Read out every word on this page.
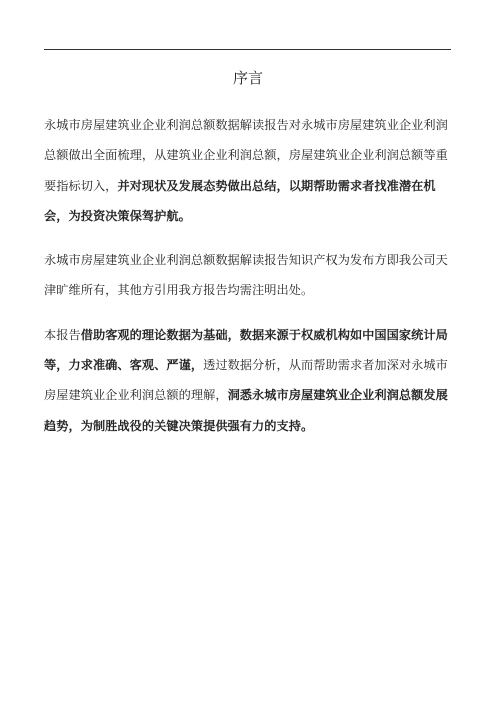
序言

永城市房屋建筑业企业利润总额数据解读报告对永城市房屋建筑业企业利润总额做出全面梳理，从建筑业企业利润总额，房屋建筑业企业利润总额等重要指标切入，并对现状及发展态势做出总结，以期帮助需求者找准潜在机会，为投资决策保驾护航。

永城市房屋建筑业企业利润总额数据解读报告知识产权为发布方即我公司天津旷维所有，其他方引用我方报告均需注明出处。

本报告借助客观的理论数据为基础，数据来源于权威机构如中国国家统计局等，力求准确、客观、严谨，透过数据分析，从而帮助需求者加深对永城市房屋建筑业企业利润总额的理解，洞悉永城市房屋建筑业企业利润总额发展趋势，为制胜战役的关键决策提供强有力的支持。
